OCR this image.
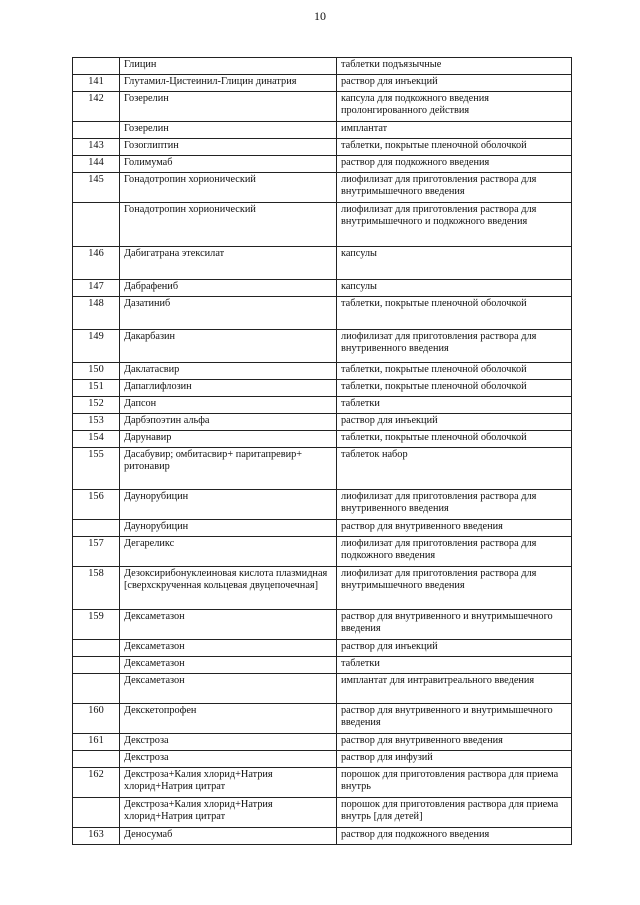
10
	Глицин	таблетки подъязычные
141	Глутамил-Цистеинил-Глицин динатрия	раствор для инъекций
142	Гозерелин	капсула для подкожного введения пролонгированного действия
	Гозерелин	имплантат
143	Гозоглиптин	таблетки, покрытые пленочной оболочкой
144	Голимумаб	раствор для подкожного введения
145	Гонадотропин хорионический	лиофилизат для приготовления раствора для внутримышечного введения
	Гонадотропин хорионический	лиофилизат для приготовления раствора для внутримышечного и подкожного введения
146	Дабигатрана этексилат	капсулы
147	Дабрафениб	капсулы
148	Дазатиниб	таблетки, покрытые пленочной оболочкой
149	Дакарбазин	лиофилизат для приготовления раствора для внутривенного введения
150	Даклатасвир	таблетки, покрытые пленочной оболочкой
151	Дапаглифлозин	таблетки, покрытые пленочной оболочкой
152	Дапсон	таблетки
153	Дарбэпоэтин альфа	раствор для инъекций
154	Дарунавир	таблетки, покрытые пленочной оболочкой
155	Дасабувир; омбитасвир+ паритапревир+ ритонавир	таблеток набор
156	Даунорубицин	лиофилизат для приготовления раствора для внутривенного введения
	Даунорубицин	раствор для внутривенного введения
157	Дегареликс	лиофилизат для приготовления раствора для подкожного введения
158	Дезоксирибонуклеиновая кислота плазмидная [сверхскрученная кольцевая двуцепочечная]	лиофилизат для приготовления раствора для внутримышечного введения
159	Дексаметазон	раствор для внутривенного и внутримышечного введения
	Дексаметазон	раствор для инъекций
	Дексаметазон	таблетки
	Дексаметазон	имплантат для интравитреального введения
160	Декскетопрофен	раствор для внутривенного и внутримышечного введения
161	Декстроза	раствор для внутривенного введения
	Декстроза	раствор для инфузий
162	Декстроза+Калия хлорид+Натрия хлорид+Натрия цитрат	порошок для приготовления раствора для приема внутрь
	Декстроза+Калия хлорид+Натрия хлорид+Натрия цитрат	порошок для приготовления раствора для приема внутрь [для детей]
163	Деносумаб	раствор для подкожного введения
